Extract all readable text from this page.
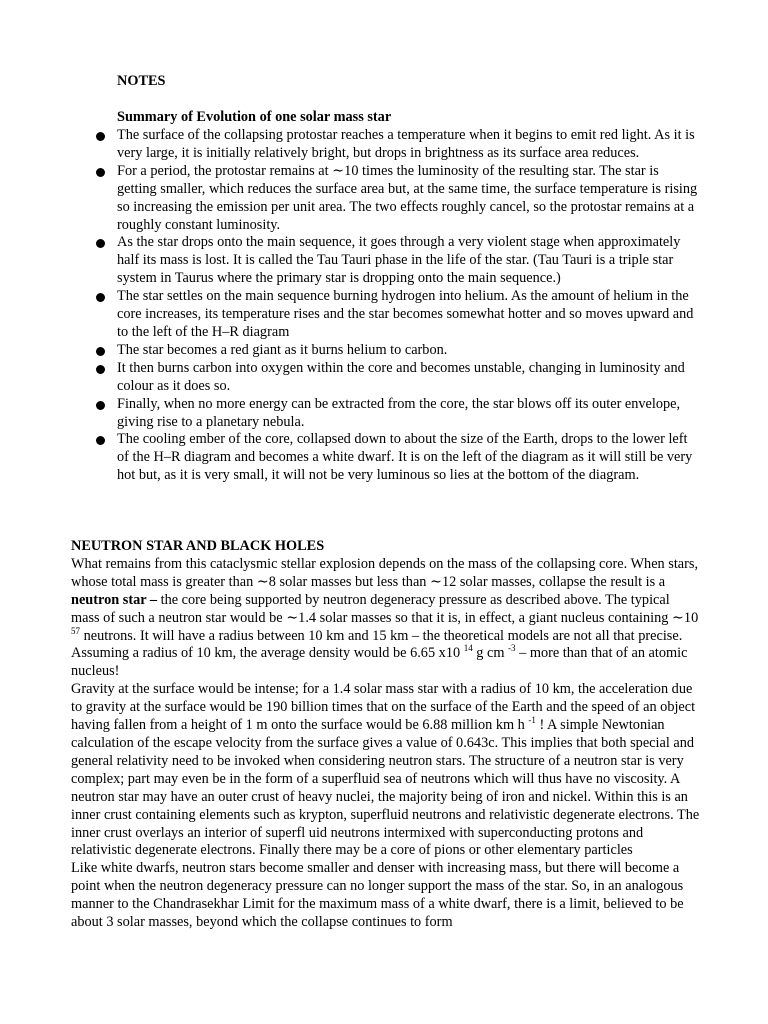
NOTES
Summary of Evolution of one solar mass star
The surface of the collapsing protostar reaches a temperature when it begins to emit red light. As it is very large, it is initially relatively bright, but drops in brightness as its surface area reduces.
For a period, the protostar remains at ∼10 times the luminosity of the resulting star. The star is getting smaller, which reduces the surface area but, at the same time, the surface temperature is rising so increasing the emission per unit area. The two effects roughly cancel, so the protostar remains at a roughly constant luminosity.
As the star drops onto the main sequence, it goes through a very violent stage when approximately half its mass is lost. It is called the Tau Tauri phase in the life of the star. (Tau Tauri is a triple star system in Taurus where the primary star is dropping onto the main sequence.)
The star settles on the main sequence burning hydrogen into helium. As the amount of helium in the core increases, its temperature rises and the star becomes somewhat hotter and so moves upward and to the left of the H–R diagram
The star becomes a red giant as it burns helium to carbon.
It then burns carbon into oxygen within the core and becomes unstable, changing in luminosity and colour as it does so.
Finally, when no more energy can be extracted from the core, the star blows off its outer envelope, giving rise to a planetary nebula.
The cooling ember of the core, collapsed down to about the size of the Earth, drops to the lower left of the H–R diagram and becomes a white dwarf. It is on the left of the diagram as it will still be very hot but, as it is very small, it will not be very luminous so lies at the bottom of the diagram.

NEUTRON STAR AND BLACK HOLES

What remains from this cataclysmic stellar explosion depends on the mass of the collapsing core. When stars, whose total mass is greater than ∼8 solar masses but less than ∼12 solar masses, collapse the result is a neutron star – the core being supported by neutron degeneracy pressure as described above. The typical mass of such a neutron star would be ∼1.4 solar masses so that it is, in effect, a giant nucleus containing ∼10 $^{57}$ neutrons. It will have a radius between 10 km and 15 km – the theoretical models are not all that precise. Assuming a radius of 10 km, the average density would be 6.65 x10 $^{14}$ g cm $^{-3}$ – more than that of an atomic nucleus!

Gravity at the surface would be intense; for a 1.4 solar mass star with a radius of 10 km, the acceleration due to gravity at the surface would be 190 billion times that on the surface of the Earth and the speed of an object having fallen from a height of 1 m onto the surface would be 6.88 million km h $^{-1}$ ! A simple Newtonian calculation of the escape velocity from the surface gives a value of 0.643c. This implies that both special and general relativity need to be invoked when considering neutron stars. The structure of a neutron star is very complex; part may even be in the form of a superfluid sea of neutrons which will thus have no viscosity. A neutron star may have an outer crust of heavy nuclei, the majority being of iron and nickel. Within this is an inner crust containing elements such as krypton, superfluid neutrons and relativistic degenerate electrons. The inner crust overlays an interior of superfl uid neutrons intermixed with superconducting protons and relativistic degenerate electrons. Finally there may be a core of pions or other elementary particles

Like white dwarfs, neutron stars become smaller and denser with increasing mass, but there will become a point when the neutron degeneracy pressure can no longer support the mass of the star. So, in an analogous manner to the Chandrasekhar Limit for the maximum mass of a white dwarf, there is a limit, believed to be about 3 solar masses, beyond which the collapse continues to form
